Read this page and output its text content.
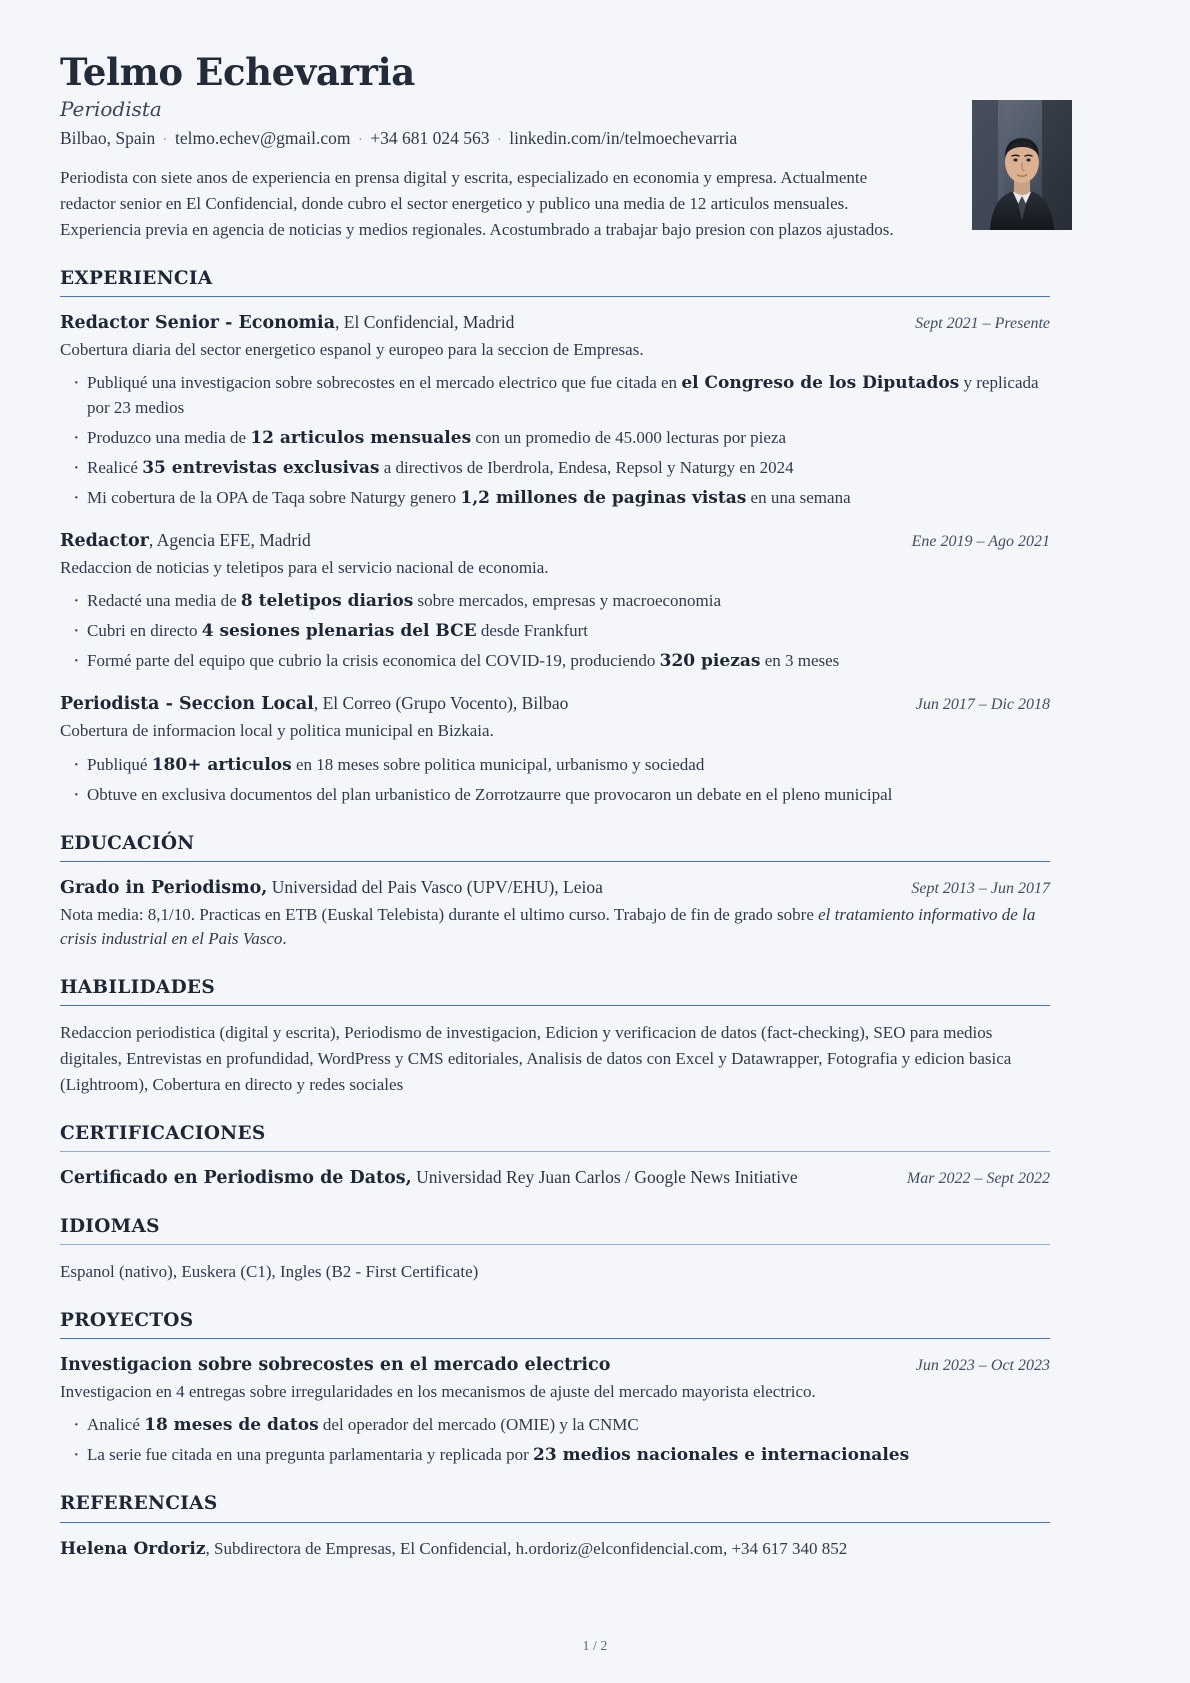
Telmo Echevarria
Periodista
Bilbao, Spain · telmo.echev@gmail.com · +34 681 024 563 · linkedin.com/in/telmoechevarria

Periodista con siete anos de experiencia en prensa digital y escrita, especializado en economia y empresa. Actualmente redactor senior en El Confidencial, donde cubro el sector energetico y publico una media de 12 articulos mensuales. Experiencia previa en agencia de noticias y medios regionales. Acostumbrado a trabajar bajo presion con plazos ajustados.

EXPERIENCIA
Redactor Senior - Economia, El Confidencial, Madrid	Sept 2021 – Presente
Cobertura diaria del sector energetico espanol y europeo para la seccion de Empresas.
· Publiqué una investigacion sobre sobrecostes en el mercado electrico que fue citada en el Congreso de los Diputados y replicada por 23 medios
· Produzco una media de 12 articulos mensuales con un promedio de 45.000 lecturas por pieza
· Realicé 35 entrevistas exclusivas a directivos de Iberdrola, Endesa, Repsol y Naturgy en 2024
· Mi cobertura de la OPA de Taqa sobre Naturgy genero 1,2 millones de paginas vistas en una semana
Redactor, Agencia EFE, Madrid	Ene 2019 – Ago 2021
Redaccion de noticias y teletipos para el servicio nacional de economia.
· Redacté una media de 8 teletipos diarios sobre mercados, empresas y macroeconomia
· Cubri en directo 4 sesiones plenarias del BCE desde Frankfurt
· Formé parte del equipo que cubrio la crisis economica del COVID-19, produciendo 320 piezas en 3 meses
Periodista - Seccion Local, El Correo (Grupo Vocento), Bilbao	Jun 2017 – Dic 2018
Cobertura de informacion local y politica municipal en Bizkaia.
· Publiqué 180+ articulos en 18 meses sobre politica municipal, urbanismo y sociedad
· Obtuve en exclusiva documentos del plan urbanistico de Zorrotzaurre que provocaron un debate en el pleno municipal
EDUCACIÓN
Grado in Periodismo, Universidad del Pais Vasco (UPV/EHU), Leioa	Sept 2013 – Jun 2017
Nota media: 8,1/10. Practicas en ETB (Euskal Telebista) durante el ultimo curso. Trabajo de fin de grado sobre el tratamiento informativo de la crisis industrial en el Pais Vasco.
HABILIDADES
Redaccion periodistica (digital y escrita), Periodismo de investigacion, Edicion y verificacion de datos (fact-checking), SEO para medios digitales, Entrevistas en profundidad, WordPress y CMS editoriales, Analisis de datos con Excel y Datawrapper, Fotografia y edicion basica (Lightroom), Cobertura en directo y redes sociales
CERTIFICACIONES
Certificado en Periodismo de Datos, Universidad Rey Juan Carlos / Google News Initiative	Mar 2022 – Sept 2022
IDIOMAS
Espanol (nativo), Euskera (C1), Ingles (B2 - First Certificate)
PROYECTOS
Investigacion sobre sobrecostes en el mercado electrico	Jun 2023 – Oct 2023
Investigacion en 4 entregas sobre irregularidades en los mecanismos de ajuste del mercado mayorista electrico.
· Analicé 18 meses de datos del operador del mercado (OMIE) y la CNMC
· La serie fue citada en una pregunta parlamentaria y replicada por 23 medios nacionales e internacionales
REFERENCIAS
Helena Ordoriz, Subdirectora de Empresas, El Confidencial, h.ordoriz@elconfidencial.com, +34 617 340 852
1 / 2
